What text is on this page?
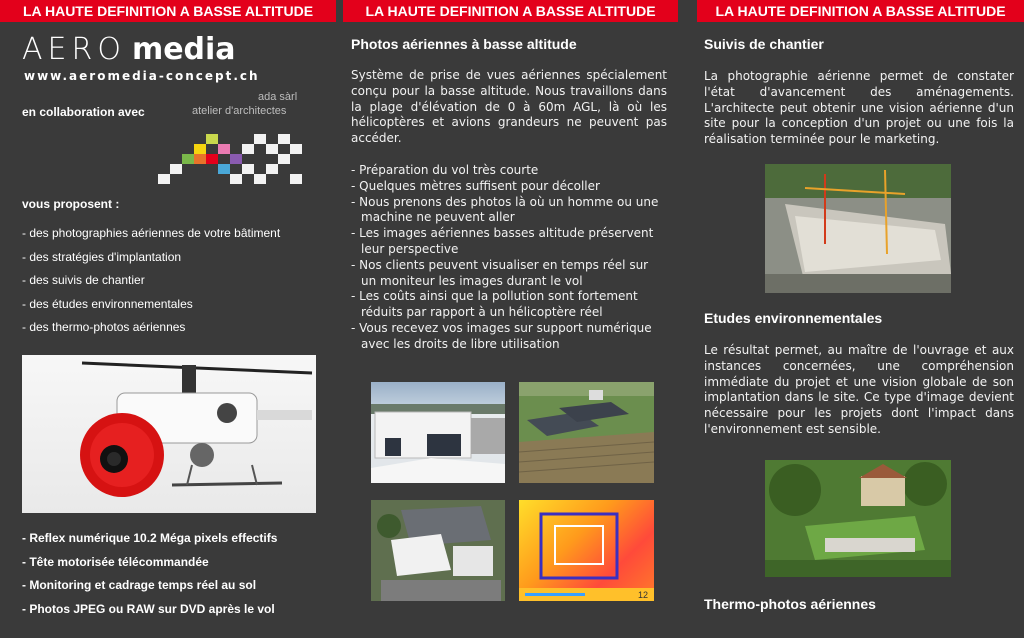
LA HAUTE DEFINITION A BASSE ALTITUDE
AERO media
www.aeromedia-concept.ch
ada sàrl
en collaboration avec	atelier d'architectes
vous proposent :
- des photographies aériennes de votre bâtiment
- des stratégies d'implantation
- des suivis de chantier
- des études environnementales
- des thermo-photos aériennes
- Reflex numérique 10.2 Méga pixels effectifs
- Tête motorisée télécommandée
- Monitoring et cadrage temps réel au sol
- Photos JPEG ou RAW sur DVD après le vol
LA HAUTE DEFINITION A BASSE ALTITUDE
Photos aériennes à basse altitude
Système de prise de vues aériennes spécialement conçu pour la basse altitude. Nous travaillons dans la plage d'élévation de 0 à 60m AGL, là où les hélicoptères et avions grandeurs ne peuvent pas accéder.
- Préparation du vol très courte
- Quelques mètres suffisent pour décoller
- Nous prenons des photos là où un homme ou une machine ne peuvent aller
- Les images aériennes basses altitude préservent leur perspective
- Nos clients peuvent visualiser en temps réel sur un moniteur les images durant le vol
- Les coûts ainsi que la pollution sont fortement réduits par rapport à un hélicoptère réel
- Vous recevez vos images sur support numérique avec les droits de libre utilisation
12
LA HAUTE DEFINITION A BASSE ALTITUDE
Suivis de chantier
La photographie aérienne permet de constater l'état d'avancement des aménagements. L'architecte peut obtenir une vision aérienne d'un site pour la conception d'un projet ou une fois la réalisation terminée pour le marketing.
Etudes environnementales
Le résultat permet, au maître de l'ouvrage et aux instances concernées, une compréhension immédiate du projet et une vision globale de son implantation dans le site. Ce type d'image devient nécessaire pour les projets dont l'impact dans l'environnement est sensible.
Thermo-photos aériennes
